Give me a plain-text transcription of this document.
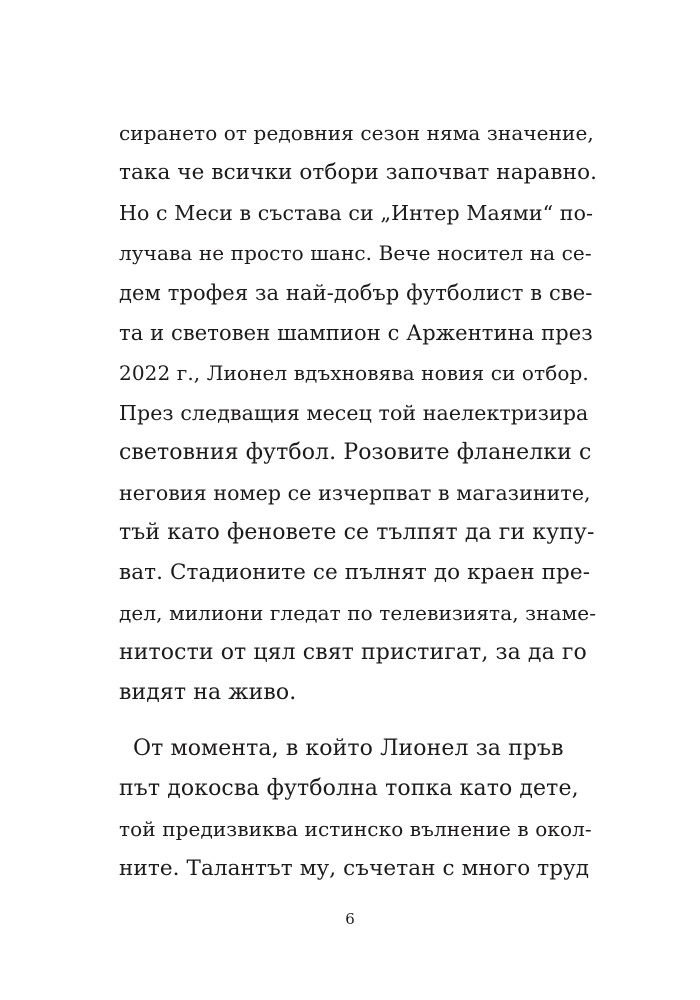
сирането от редовния сезон няма значение,
така че всички отбори започват наравно.
Но с Меси в състава си „Интер Маями“ по-
лучава не просто шанс. Вече носител на се-
дем трофея за най-добър футболист в све-
та и световен шампион с Аржентина през
2022 г., Лионел вдъхновява новия си отбор.
През следващия месец той наелектризира
световния футбол. Розовите фланелки с
неговия номер се изчерпват в магазините,
тъй като феновете се тълпят да ги купу-
ват. Стадионите се пълнят до краен пре-
дел, милиони гледат по телевизията, знаме-
нитости от цял свят пристигат, за да го
видят на живо.
От момента, в който Лионел за пръв
път докосва футболна топка като дете,
той предизвиква истинско вълнение в окол-
ните. Талантът му, съчетан с много труд
6
